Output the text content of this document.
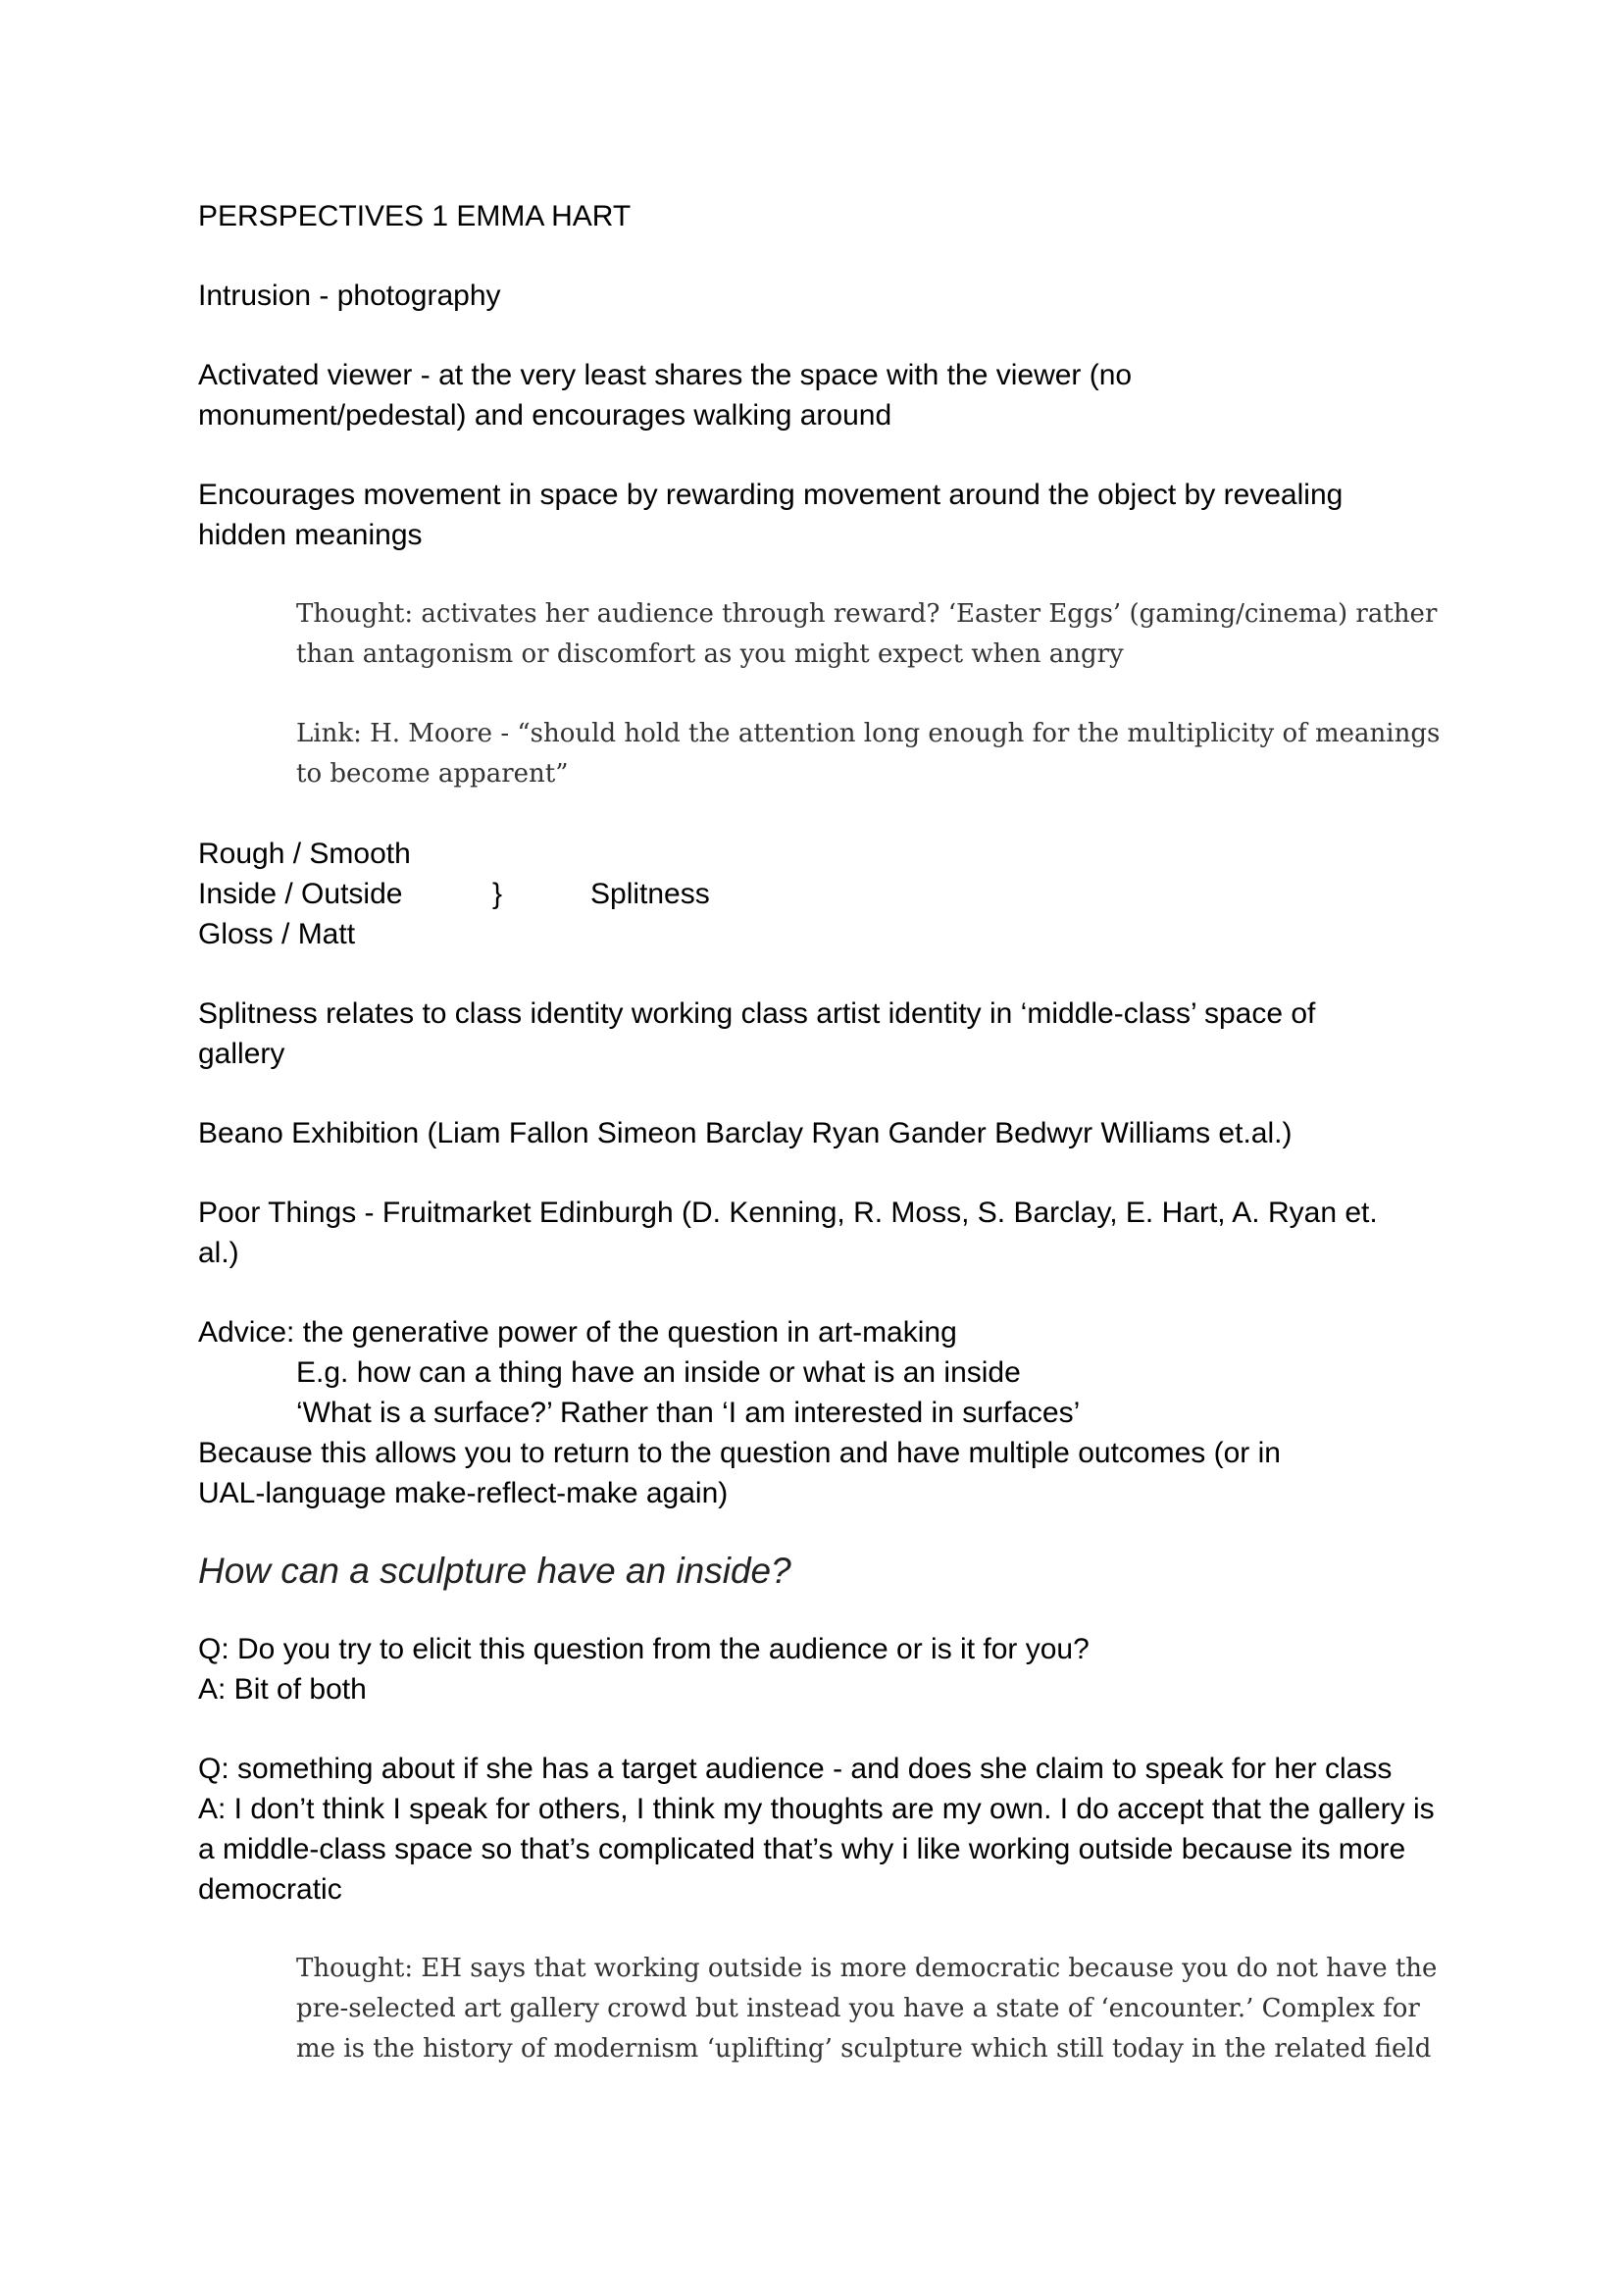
PERSPECTIVES 1 EMMA HART

Intrusion - photography

Activated viewer - at the very least shares the space with the viewer (no monument/pedestal) and encourages walking around

Encourages movement in space by rewarding movement around the object by revealing hidden meanings

Thought: activates her audience through reward? ‘Easter Eggs’ (gaming/cinema) rather than antagonism or discomfort as you might expect when angry

Link: H. Moore - “should hold the attention long enough for the multiplicity of meanings to become apparent”

Rough / Smooth
Inside / Outside	}	Splitness
Gloss / Matt

Splitness relates to class identity working class artist identity in ‘middle-class’ space of gallery

Beano Exhibition (Liam Fallon Simeon Barclay Ryan Gander Bedwyr Williams et.al.)

Poor Things - Fruitmarket Edinburgh (D. Kenning, R. Moss, S. Barclay, E. Hart, A. Ryan et. al.)

Advice: the generative power of the question in art-making

E.g. how can a thing have an inside or what is an inside

‘What is a surface?’ Rather than ‘I am interested in surfaces’

Because this allows you to return to the question and have multiple outcomes (or in UAL-language make-reflect-make again)

How can a sculpture have an inside?

Q: Do you try to elicit this question from the audience or is it for you?

A: Bit of both

Q: something about if she has a target audience - and does she claim to speak for her class

A: I don’t think I speak for others, I think my thoughts are my own. I do accept that the gallery is a middle-class space so that’s complicated that’s why i like working outside because its more democratic

Thought: EH says that working outside is more democratic because you do not have the pre-selected art gallery crowd but instead you have a state of ‘encounter.’ Complex for me is the history of modernism ‘uplifting’ sculpture which still today in the related field
